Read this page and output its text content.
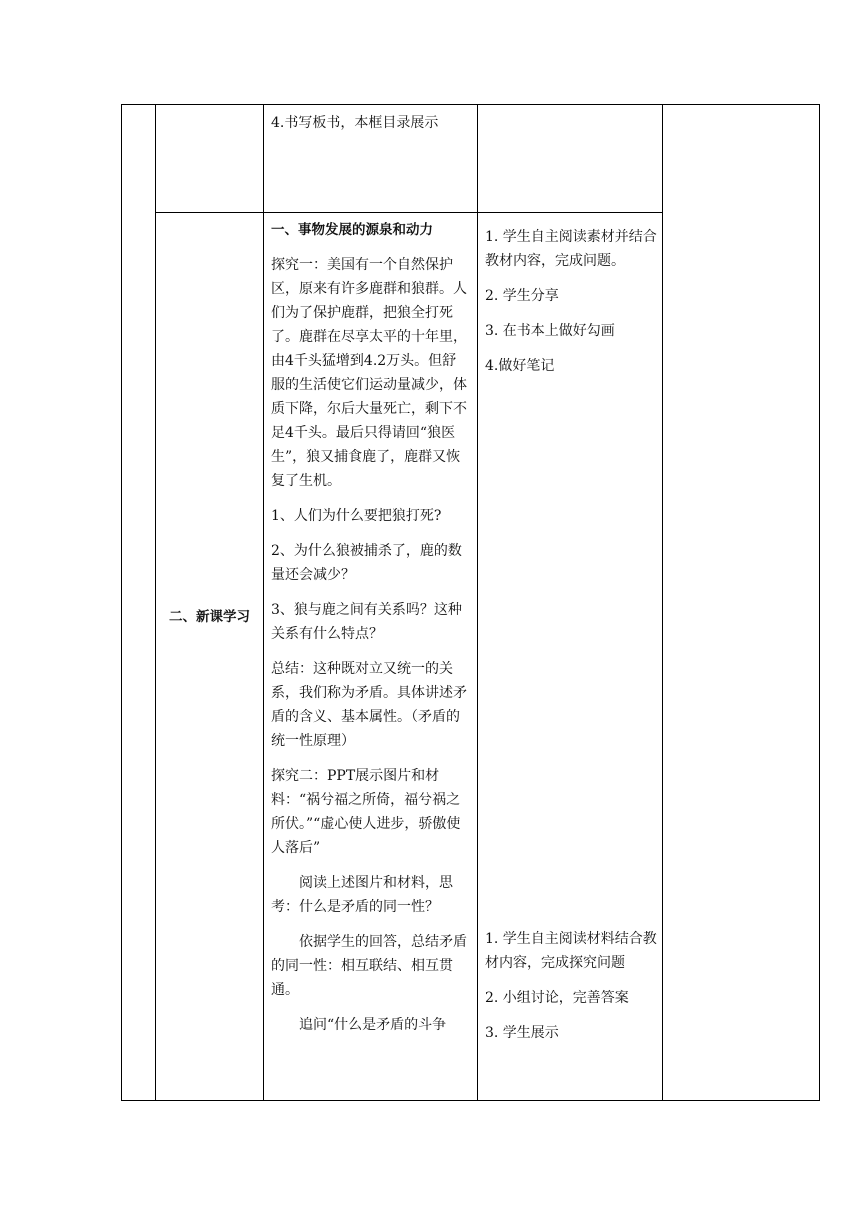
4.书写板书，本框目录展示
二、新课学习

一、事物发展的源泉和动力

探究一：美国有一个自然保护区，原来有许多鹿群和狼群。人们为了保护鹿群，把狼全打死了。鹿群在尽享太平的十年里，由4千头猛增到4.2万头。但舒服的生活使它们运动量减少，体质下降，尔后大量死亡，剩下不足4千头。最后只得请回“狼医生”，狼又捕食鹿了，鹿群又恢复了生机。

1、人们为什么要把狼打死?

2、为什么狼被捕杀了，鹿的数量还会减少？

3、狼与鹿之间有关系吗？这种关系有什么特点？

总结：这种既对立又统一的关系，我们称为矛盾。具体讲述矛盾的含义、基本属性。（矛盾的统一性原理）

探究二：PPT展示图片和材料：“祸兮福之所倚，福兮祸之所伏。”“虚心使人进步，骄傲使人落后”

阅读上述图片和材料，思考：什么是矛盾的同一性？

依据学生的回答，总结矛盾的同一性：相互联结、相互贯通。

追问“什么是矛盾的斗争

1. 学生自主阅读素材并结合教材内容，完成问题。

2. 学生分享

3. 在书本上做好勾画

4.做好笔记

1. 学生自主阅读材料结合教材内容，完成探究问题

2. 小组讨论，完善答案

3. 学生展示
